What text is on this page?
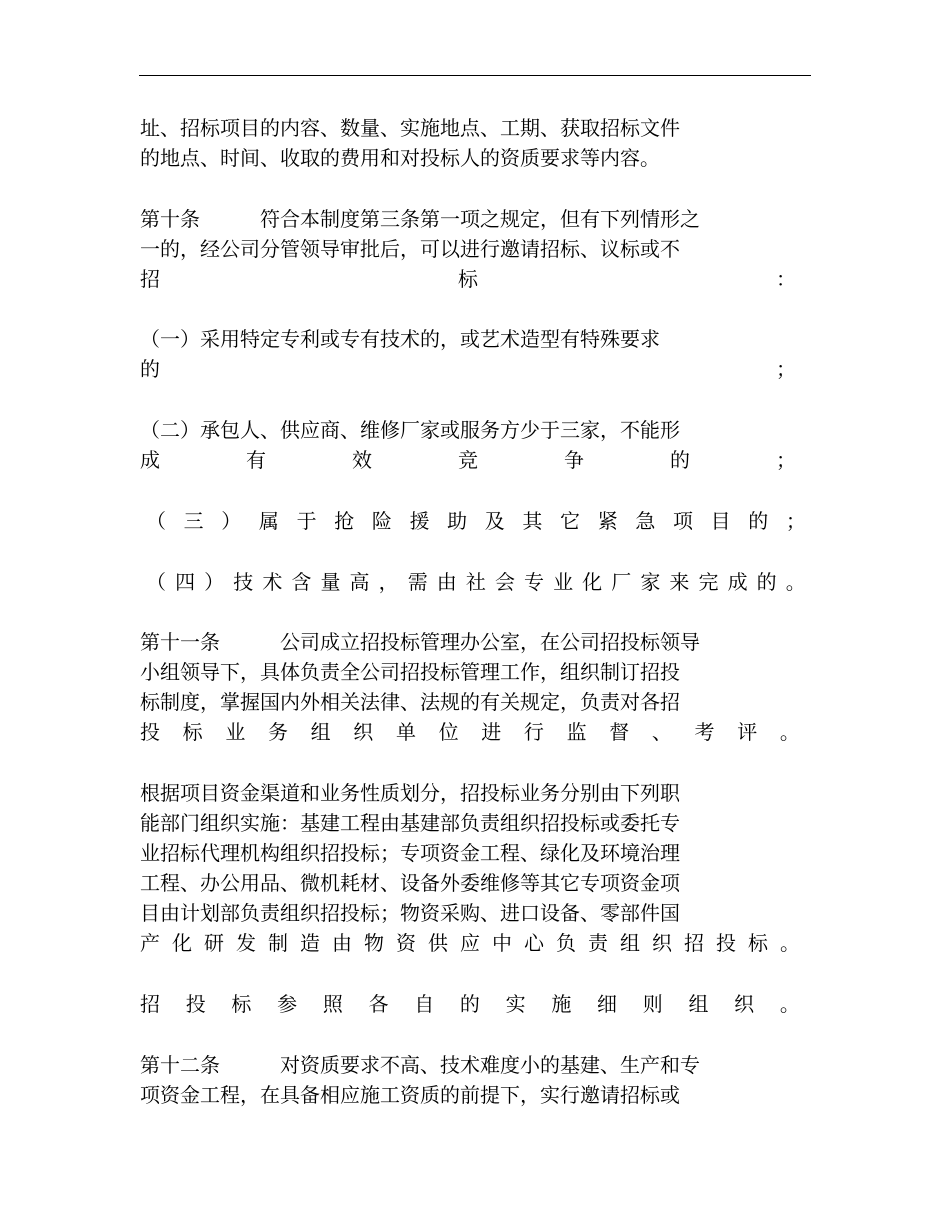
址、招标项目的内容、数量、实施地点、工期、获取招标文件
的地点、时间、收取的费用和对投标人的资质要求等内容。
第十条	符合本制度第三条第一项之规定，但有下列情形之
一的，经公司分管领导审批后，可以进行邀请招标、议标或不
招	标	：
（一）采用特定专利或专有技术的，或艺术造型有特殊要求
的	；
（二）承包人、供应商、维修厂家或服务方少于三家，不能形
成	有	效	竞	争	的	；
（ 三 ） 属 于 抢 险 援 助 及 其 它 紧 急 项 目 的 ；
（ 四 ） 技 术 含 量 高 ， 需 由 社 会 专 业 化 厂 家 来 完 成 的 。
第十一条	公司成立招投标管理办公室，在公司招投标领导
小组领导下，具体负责全公司招投标管理工作，组织制订招投
标制度，掌握国内外相关法律、法规的有关规定，负责对各招
投 标 业 务 组 织 单 位 进 行 监 督 、 考 评 。
根据项目资金渠道和业务性质划分，招投标业务分别由下列职
能部门组织实施：基建工程由基建部负责组织招投标或委托专
业招标代理机构组织招投标；专项资金工程、绿化及环境治理
工程、办公用品、微机耗材、设备外委维修等其它专项资金项
目由计划部负责组织招投标；物资采购、进口设备、零部件国
产 化 研 发 制 造 由 物 资 供 应 中 心 负 责 组 织 招 投 标 。
招 投 标 参 照 各 自 的 实 施 细 则 组 织 。
第十二条	对资质要求不高、技术难度小的基建、生产和专
项资金工程，在具备相应施工资质的前提下，实行邀请招标或
